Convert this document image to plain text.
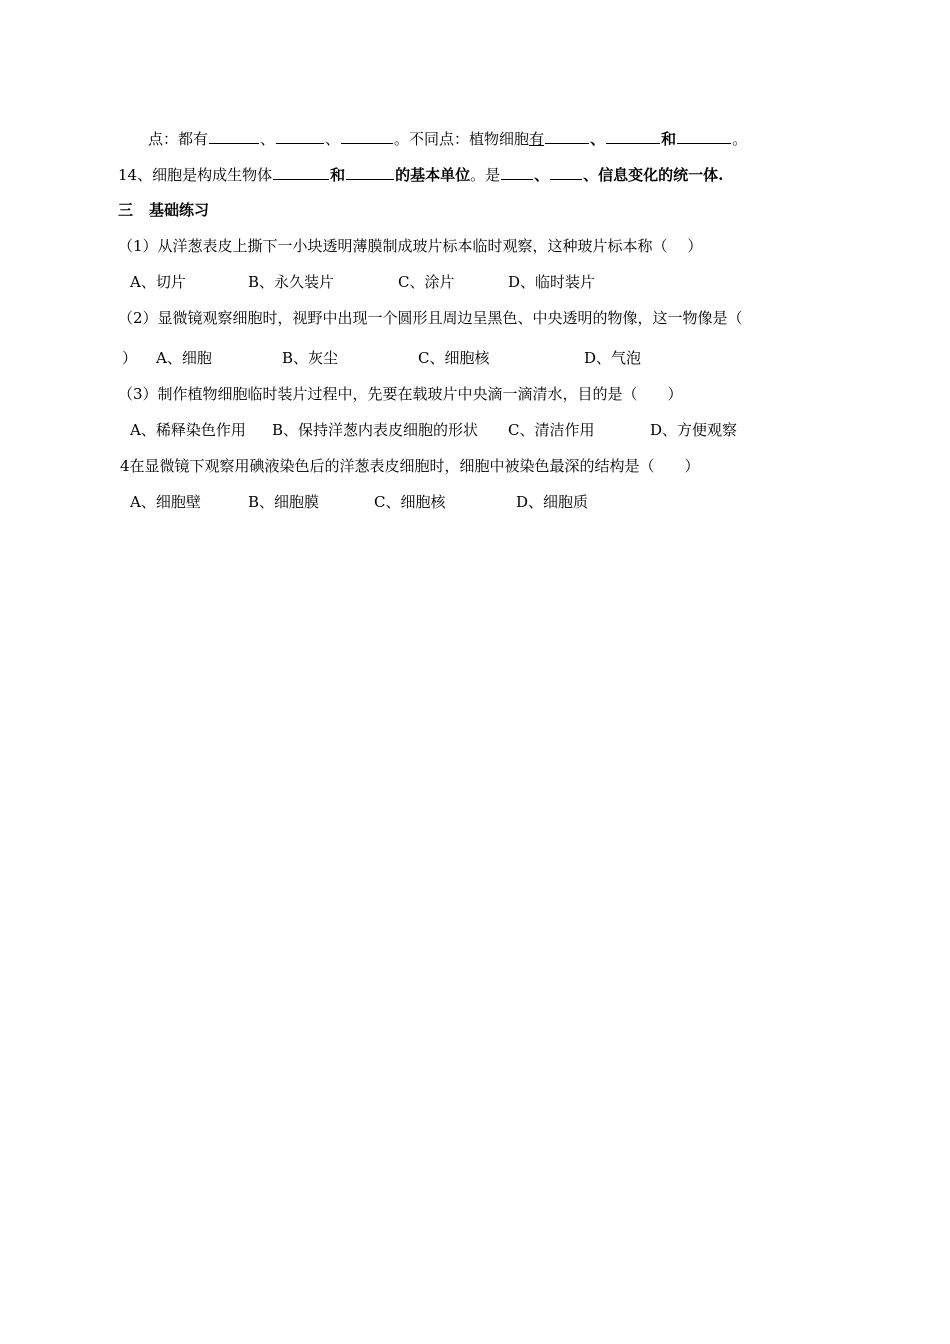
点：都有	、	、	。不同点：植物细胞有	、	和	。
14、细胞是构成生物体	和	的基本单位。是 、 、信息变化的统一体.
三 基础练习
（1）从洋葱表皮上撕下一小块透明薄膜制成玻片标本临时观察，这种玻片标本称（　 ）
A、切片	B、永久装片	C、涂片	D、临时装片
（2）显微镜观察细胞时，视野中出现一个圆形且周边呈黑色、中央透明的物像，这一物像是（
） A、细胞	B、灰尘	C、细胞核	D、气泡
（3）制作植物细胞临时装片过程中，先要在载玻片中央滴一滴清水，目的是（　　）
A、稀释染色作用 B、保持洋葱内表皮细胞的形状 C、清洁作用	D、方便观察
4在显微镜下观察用碘液染色后的洋葱表皮细胞时，细胞中被染色最深的结构是（　　）
A、细胞壁	B、细胞膜	C、细胞核	D、细胞质
